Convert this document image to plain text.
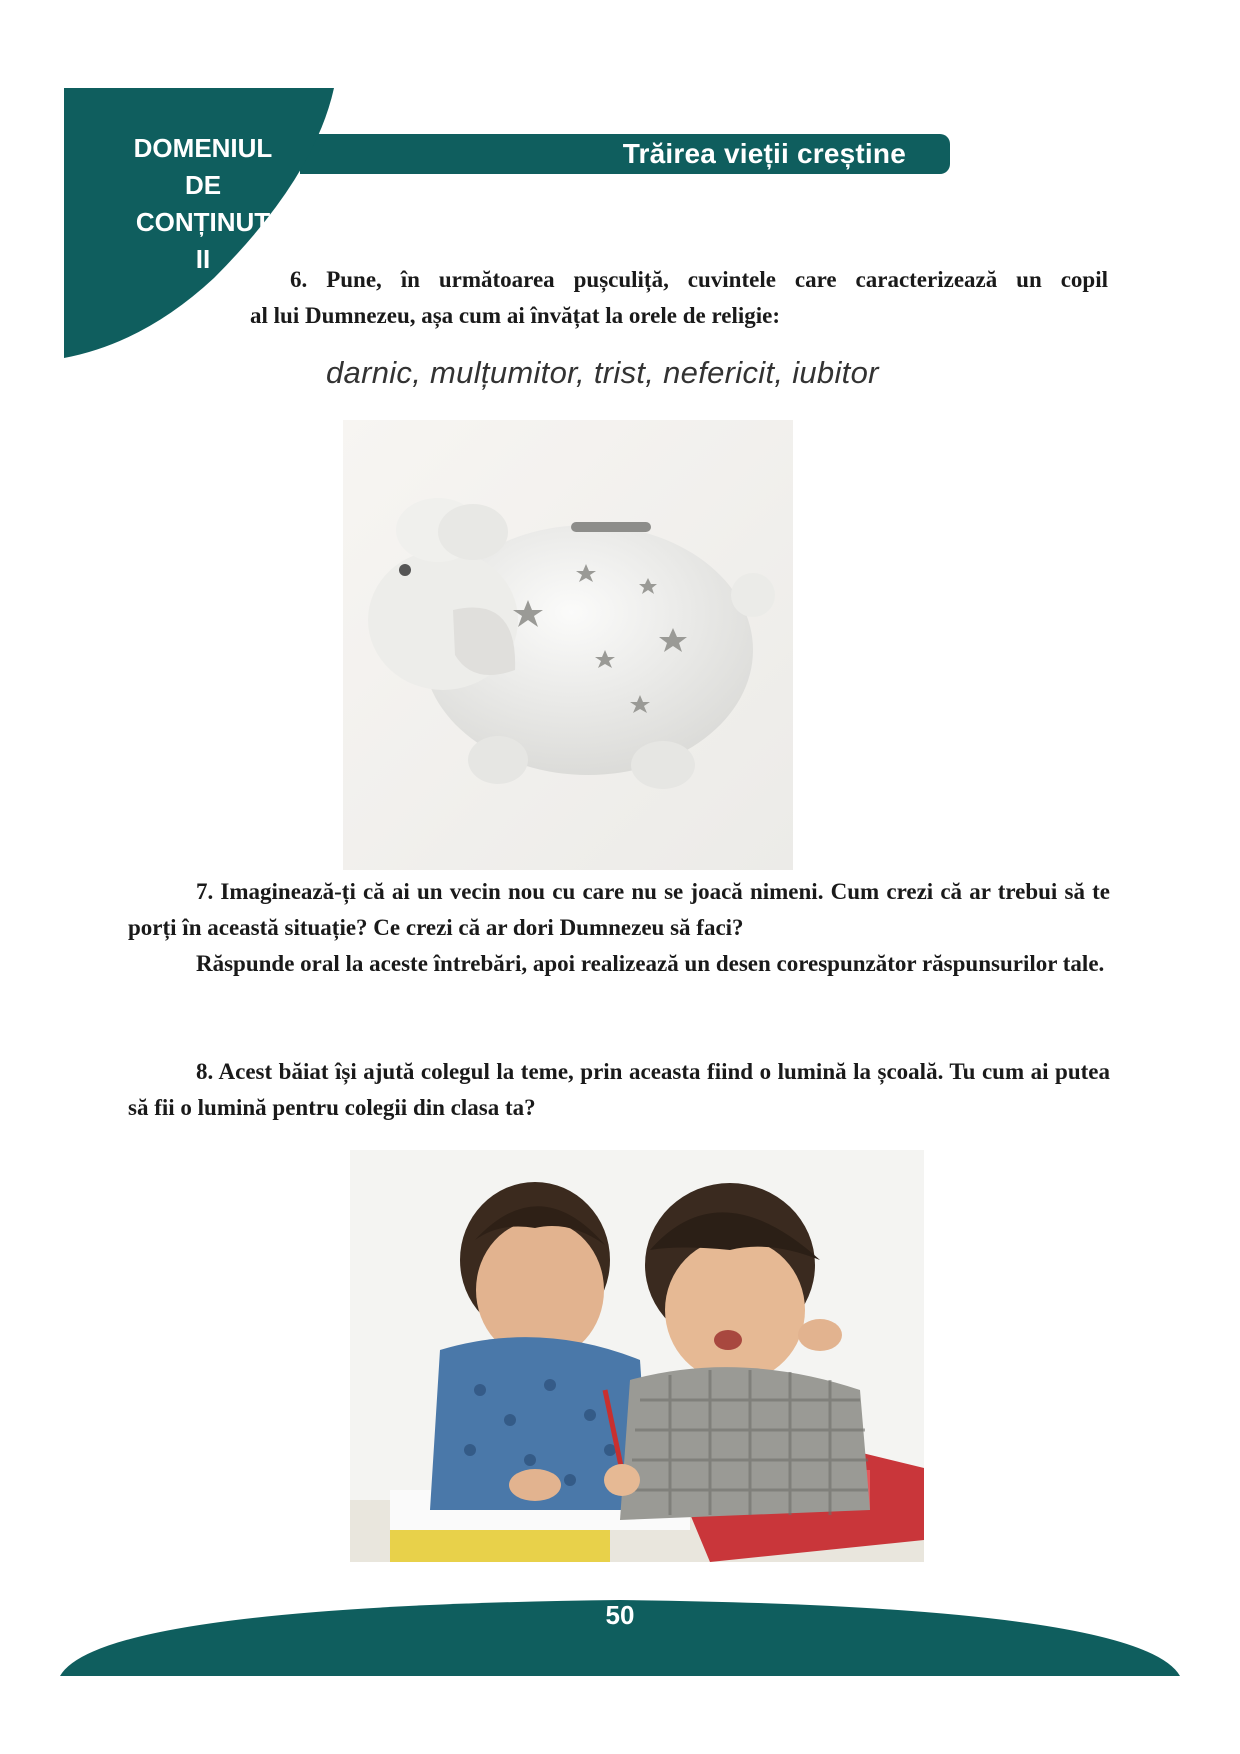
Trăirea vieții creștine
DOMENIUL
DE
CONȚINUT
II
6. Pune, în următoarea pușculiță, cuvintele care caracterizează un copil
al lui Dumnezeu, așa cum ai învățat la orele de religie:
darnic, mulțumitor, trist, nefericit, iubitor
7. Imaginează-ți că ai un vecin nou cu care nu se joacă nimeni. Cum crezi că ar trebui să te porți în această situație? Ce crezi că ar dori Dumnezeu să faci?
Răspunde oral la aceste întrebări, apoi realizează un desen corespunzător răspunsurilor tale.
8. Acest băiat își ajută colegul la teme, prin aceasta fiind o lumină la școală. Tu cum ai putea să fii o lumină pentru colegii din clasa ta?
50
